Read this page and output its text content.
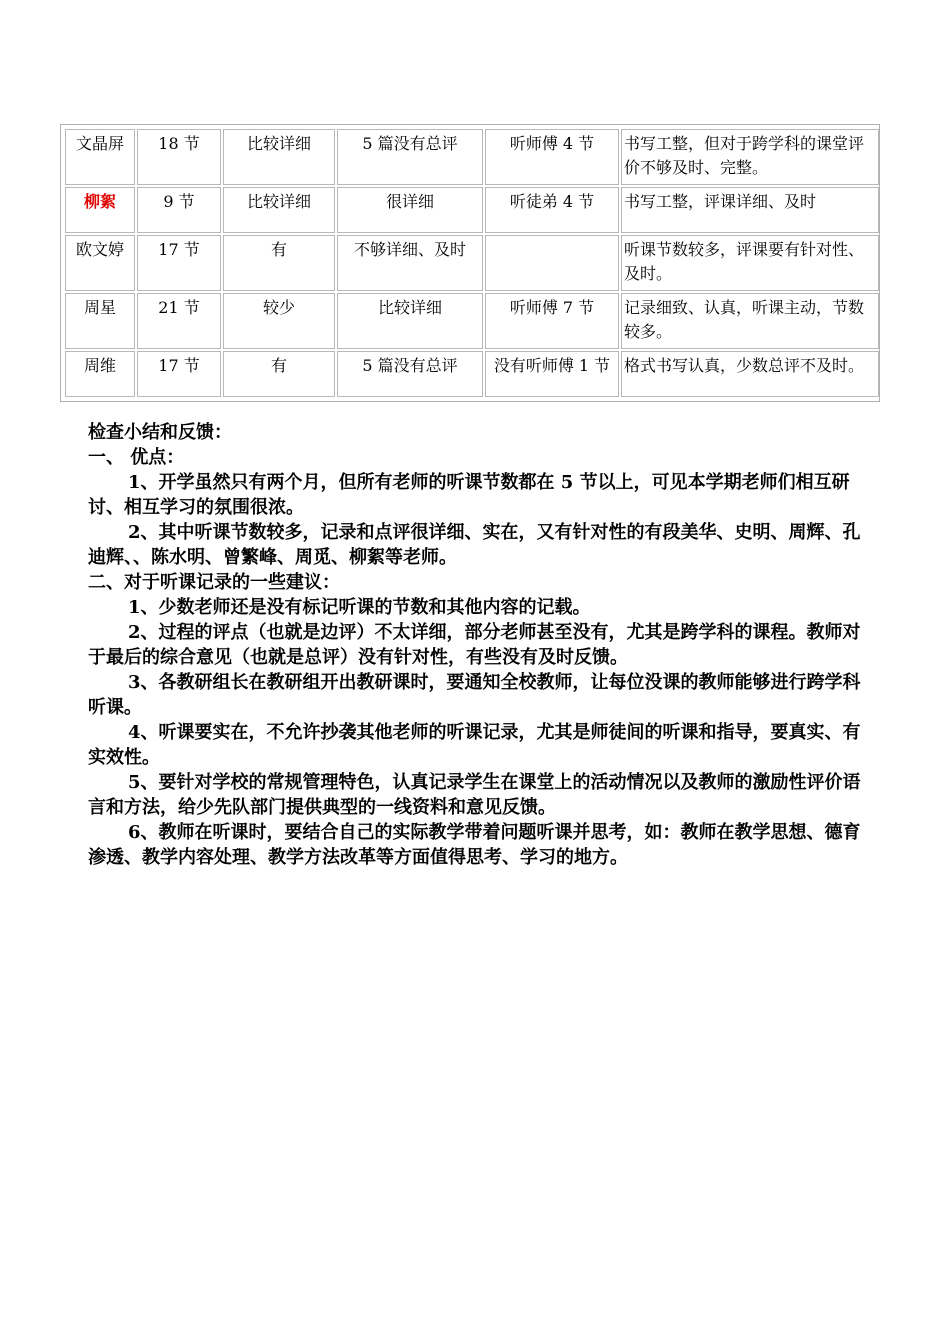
文晶屏	18 节	比较详细	5 篇没有总评	听师傅 4 节	书写工整，但对于跨学科的课堂评价不够及时、完整。
柳絮	9 节	比较详细	很详细	听徒弟 4 节	书写工整，评课详细、及时
欧文婷	17 节	有	不够详细、及时		听课节数较多，评课要有针对性、及时。
周星	21 节	较少	比较详细	听师傅 7 节	记录细致、认真，听课主动，节数较多。
周维	17 节	有	5 篇没有总评	没有听师傅 1 节	格式书写认真，少数总评不及时。

检查小结和反馈：

一、 优点：

1、开学虽然只有两个月，但所有老师的听课节数都在 5 节以上，可见本学期老师们相互研讨、相互学习的氛围很浓。

2、其中听课节数较多，记录和点评很详细、实在，又有针对性的有段美华、史明、周辉、孔迪辉、、陈水明、曾繁峰、周觅、柳絮等老师。

二、对于听课记录的一些建议：

1、少数老师还是没有标记听课的节数和其他内容的记载。

2、过程的评点（也就是边评）不太详细，部分老师甚至没有，尤其是跨学科的课程。教师对于最后的综合意见（也就是总评）没有针对性，有些没有及时反馈。

3、各教研组长在教研组开出教研课时，要通知全校教师，让每位没课的教师能够进行跨学科听课。

4、听课要实在，不允许抄袭其他老师的听课记录，尤其是师徒间的听课和指导，要真实、有实效性。

5、要针对学校的常规管理特色，认真记录学生在课堂上的活动情况以及教师的激励性评价语言和方法，给少先队部门提供典型的一线资料和意见反馈。

6、教师在听课时，要结合自己的实际教学带着问题听课并思考，如：教师在教学思想、德育渗透、教学内容处理、教学方法改革等方面值得思考、学习的地方。
